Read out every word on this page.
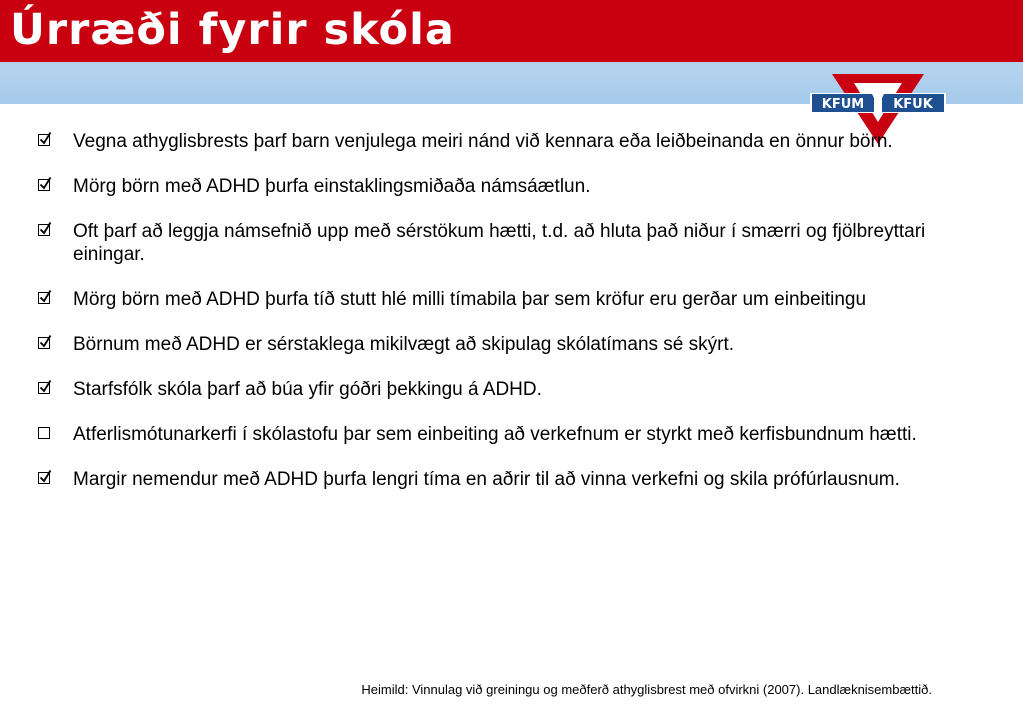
Úrræði fyrir skóla
KFUM KFUK
Vegna athyglisbrests þarf barn venjulega meiri nánd við kennara eða leiðbeinanda en önnur börn.
Mörg börn með ADHD þurfa einstaklingsmiðaða námsáætlun.
Oft þarf að leggja námsefnið upp með sérstökum hætti, t.d. að hluta það niður í smærri og fjölbreyttari einingar.
Mörg börn með ADHD þurfa tíð stutt hlé milli tímabila þar sem kröfur eru gerðar um einbeitingu
Börnum með ADHD er sérstaklega mikilvægt að skipulag skólatímans sé skýrt.
Starfsfólk skóla þarf að búa yfir góðri þekkingu á ADHD.
Atferlismótunarkerfi í skólastofu þar sem einbeiting að verkefnum er styrkt með kerfisbundnum hætti.
Margir nemendur með ADHD þurfa lengri tíma en aðrir til að vinna verkefni og skila prófúrlausnum.
Heimild: Vinnulag við greiningu og meðferð athyglisbrest með ofvirkni (2007). Landlæknisembættið.
